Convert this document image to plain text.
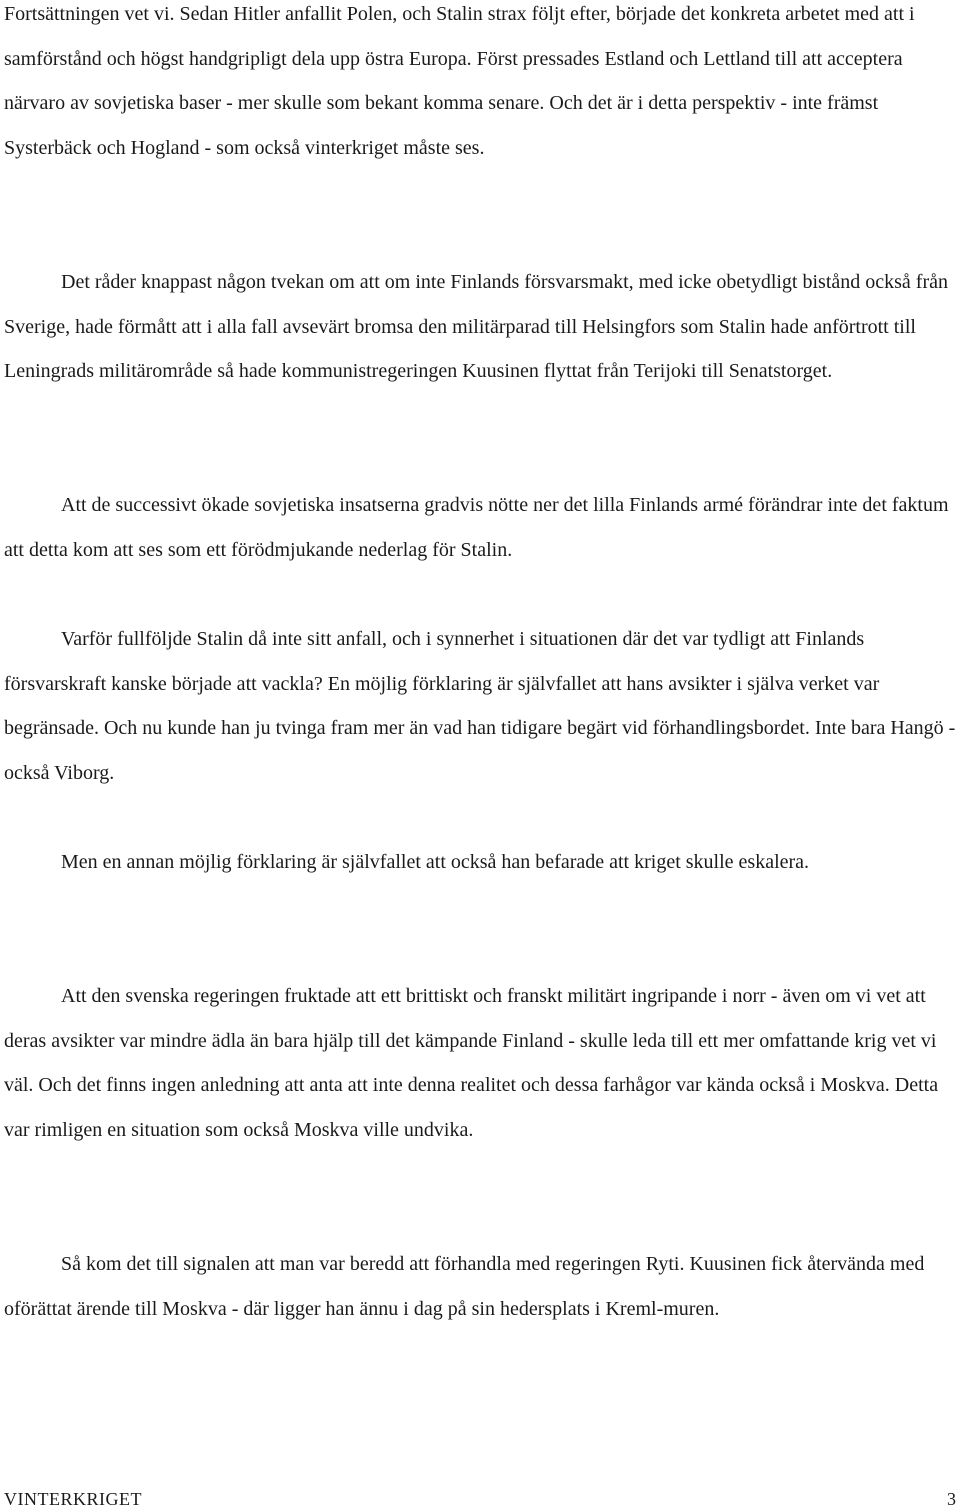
Fortsättningen vet vi. Sedan Hitler anfallit Polen, och Stalin strax följt efter, började det konkreta arbetet med att i samförstånd och högst handgripligt dela upp östra Europa. Först pressades Estland och Lettland till att acceptera närvaro av sovjetiska baser - mer skulle som bekant komma senare. Och det är i detta perspektiv - inte främst Systerbäck och Hogland - som också vinterkriget måste ses.

Det råder knappast någon tvekan om att om inte Finlands försvarsmakt, med icke obetydligt bistånd också från Sverige, hade förmått att i alla fall avsevärt bromsa den militärparad till Helsingfors som Stalin hade anförtrott till Leningrads militärområde så hade kommunistregeringen Kuusinen flyttat från Terijoki till Senatstorget.

Att de successivt ökade sovjetiska insatserna gradvis nötte ner det lilla Finlands armé förändrar inte det faktum att detta kom att ses som ett förödmjukande nederlag för Stalin.

Varför fullföljde Stalin då inte sitt anfall, och i synnerhet i situationen där det var tydligt att Finlands försvarskraft kanske började att vackla? En möjlig förklaring är självfallet att hans avsikter i själva verket var begränsade. Och nu kunde han ju tvinga fram mer än vad han tidigare begärt vid förhandlingsbordet. Inte bara Hangö - också Viborg.

Men en annan möjlig förklaring är självfallet att också han befarade att kriget skulle eskalera.

Att den svenska regeringen fruktade att ett brittiskt och franskt militärt ingripande i norr - även om vi vet att deras avsikter var mindre ädla än bara hjälp till det kämpande Finland - skulle leda till ett mer omfattande krig vet vi väl. Och det finns ingen anledning att anta att inte denna realitet och dessa farhågor var kända också i Moskva. Detta var rimligen en situation som också Moskva ville undvika.

Så kom det till signalen att man var beredd att förhandla med regeringen Ryti. Kuusinen fick återvända med oförättat ärende till Moskva - där ligger han ännu i dag på sin hedersplats i Kreml-muren.

VINTERKRIGET	3
